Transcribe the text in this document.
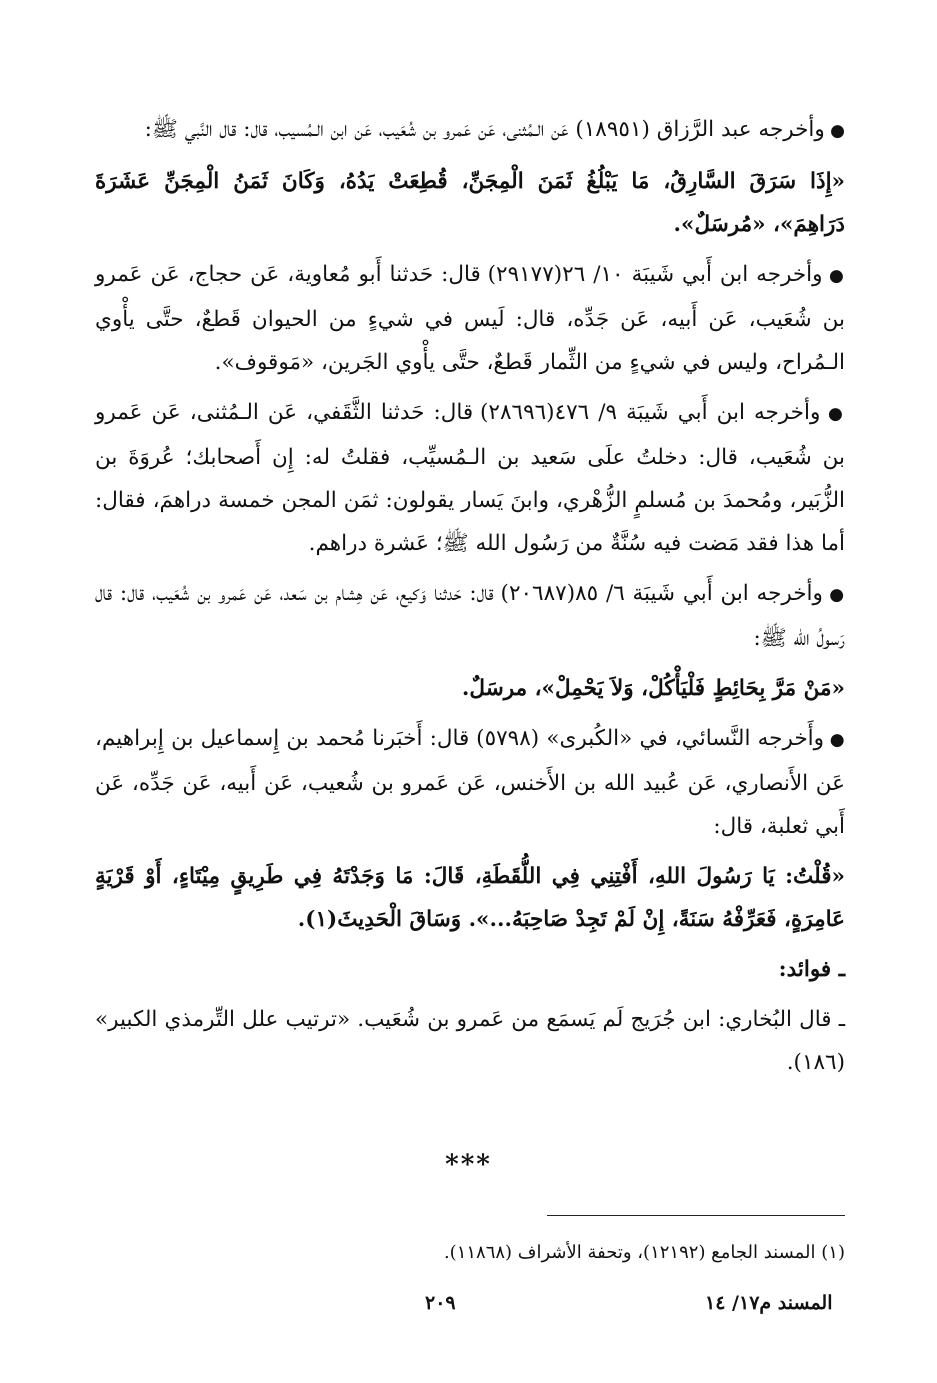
● وأخرجه عبد الرَّزاق (١٨٩٥١) عَن الـمُثنى، عَن عَمرو بن شُعَيب، عَن ابن الـمُسيب، قال: قال النَّبي ﷺ:

«إِذَا سَرَقَ السَّارِقُ، مَا يَبْلُغُ ثَمَنَ الْمِجَنِّ، قُطِعَتْ يَدُهُ، وَكَانَ ثَمَنُ الْمِجَنِّ عَشَرَةَ دَرَاهِمَ»، «مُرسَلٌ».

● وأخرجه ابن أَبي شَيبَة ١٠/ ٢٦(٢٩١٧٧) قال: حَدثنا أَبو مُعاوية، عَن حجاج، عَن عَمرو بن شُعَيب، عَن أَبيه، عَن جَدِّه، قال: لَيس في شيءٍ من الحيوان قَطعٌ، حتَّى يأْوي الـمُراح، وليس في شيءٍ من الثِّمار قَطعٌ، حتَّى يأْوي الجَرين، «مَوقوف».

● وأخرجه ابن أَبي شَيبَة ٩/ ٤٧٦(٢٨٦٩٦) قال: حَدثنا الثَّقَفي، عَن الـمُثنى، عَن عَمرو بن شُعَيب، قال: دخلتُ علَى سَعيد بن الـمُسيِّب، فقلتُ له: إِن أَصحابك؛ عُروَةَ بن الزُّبَير، ومُحمدَ بن مُسلمٍ الزُّهْري، وابنَ يَسار يقولون: ثمَن المجن خمسة دراهمَ، فقال: أما هذا فقد مَضت فيه سُنَّةٌ من رَسُول الله ﷺ؛ عَشرة دراهم.

● وأخرجه ابن أَبي شَيبَة ٦/ ٨٥(٢٠٦٨٧) قال: حَدثنا وَكيع، عَن هِشام بن سَعد، عَن عَمرو بن شُعَيب، قال: قال رَسولُ الله ﷺ:

«مَنْ مَرَّ بِحَائِطٍ فَلْيَأْكُلْ، وَلاَ يَحْمِلْ»، مرسَلٌ.

● وأَخرجه النَّسائي، في «الكُبرى» (٥٧٩٨) قال: أَخبَرنا مُحمد بن إِسماعيل بن إِبراهيم، عَن الأَنصاري، عَن عُبيد الله بن الأَخنس، عَن عَمرو بن شُعيب، عَن أَبيه، عَن جَدِّه، عَن أَبي ثعلبة، قال:

«قُلْتُ: يَا رَسُولَ اللهِ، أَفْتِنِي فِي اللُّقَطَةِ، قَالَ: مَا وَجَدْتَهُ فِي طَرِيقٍ مِيْتَاءٍ، أَوْ قَرْيَةٍ عَامِرَةٍ، فَعَرِّفْهُ سَنَةً، إِنْ لَمْ تَجِدْ صَاحِبَهُ...». وَسَاقَ الْحَدِيثَ(١).

ـ فوائد:

ـ قال البُخاري: ابن جُرَيج لَم يَسمَع من عَمرو بن شُعَيب. «ترتيب علل التِّرمذي الكبير» (١٨٦).

***
(١) المسند الجامع (١٢١٩٢)، وتحفة الأشراف (١١٨٦٨).
٢٠٩	المسند م١٧/ ١٤
